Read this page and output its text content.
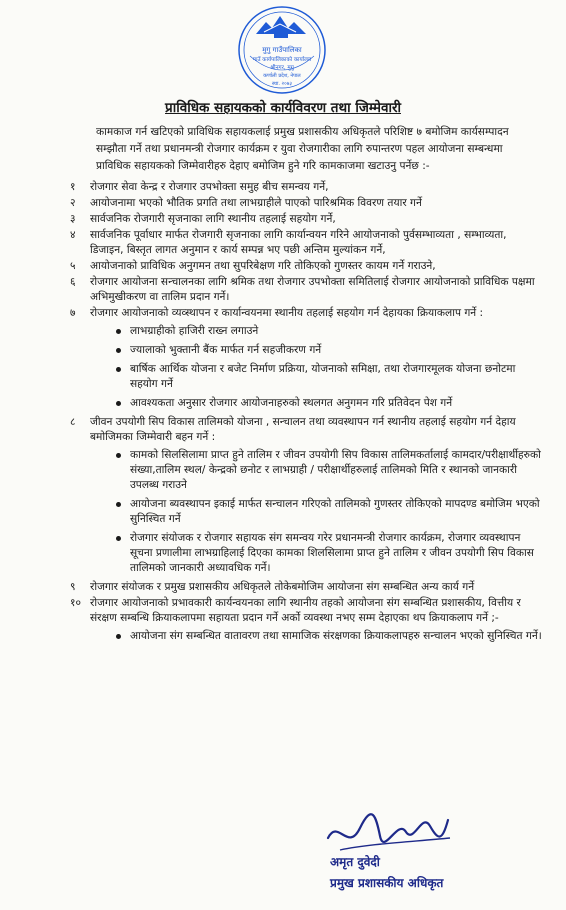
मुगु गाउँपालिका
गाउँ कार्यपालिकाको कार्यालय
श्रीनगर, मुगु
कर्णाली प्रदेश, नेपाल
स्था. २०७३
प्राविधिक सहायकको कार्यविवरण तथा जिम्मेवारी
कामकाज गर्न खटिएको प्राविधिक सहायकलाई प्रमुख प्रशासकीय अधिकृतले परिशिष्ट ७ बमोजिम कार्यसम्पादन सम्झौता गर्ने तथा प्रधानमन्त्री रोजगार कार्यक्रम र युवा रोजगारीका लागि रुपान्तरण पहल आयोजना सम्बन्धमा प्राविधिक सहायकको जिम्मेवारीहरु देहाए बमोजिम हुने गरि कामकाजमा खटाउनु पर्नेछ :-
१	रोजगार सेवा केन्द्र र रोजगार उपभोक्ता समुह बीच समन्वय गर्ने,
२	आयोजनामा भएको भौतिक प्रगति तथा लाभग्राहीले पाएको पारिश्रमिक विवरण तयार गर्ने
३	सार्वजनिक रोजगारी सृजनाका लागि स्थानीय तहलाई सहयोग गर्ने,
४	सार्वजनिक पूर्वाधार मार्फत रोजगारी सृजनाका लागि कार्यान्वयन गरिने आयोजनाको पुर्वसम्भाव्यता , सम्भाव्यता, डिजाइन, बिस्तृत लागत अनुमान र कार्य सम्पन्न भए पछी अन्तिम मुल्यांकन गर्ने,
५	आयोजनाको प्राविधिक अनुगमन तथा सुपरिबेक्षण गरि तोकिएको गुणस्तर कायम गर्ने गराउने,
६	रोजगार आयोजना सन्चालनका लागि श्रमिक तथा रोजगार उपभोक्ता समितिलाई रोजगार आयोजनाको प्राविधिक पक्षमा अभिमुखीकरण वा तालिम प्रदान गर्ने।
७	रोजगार आयोजनाको व्यव्स्थापन र कार्यान्वयनमा स्थानीय तहलाई सहयोग गर्न देहायका क्रियाकलाप गर्ने :
लाभग्राहीको हाजिरी राख्न लगाउने
ज्यालाको भुक्तानी बैंक मार्फत गर्न सहजीकरण गर्ने
बार्षिक आर्थिक योजना र बजेट निर्माण प्रक्रिया, योजनाको समिक्षा, तथा रोजगारमूलक योजना छनोटमा सहयोग गर्ने
आवश्यकता अनुसार रोजगार आयोजनाहरुको स्थलगत अनुगमन गरि प्रतिवेदन पेश गर्ने
८	जीवन उपयोगी सिप विकास तालिमको योजना , सन्चालन तथा व्यवस्थापन गर्न स्थानीय तहलाई सहयोग गर्न देहाय बमोजिमका जिम्मेवारी बहन गर्ने :
कामको सिलसिलामा प्राप्त हुने तालिम र जीवन उपयोगी सिप विकास तालिमकर्तालाई कामदार/परीक्षार्थीहरुको संख्या,तालिम स्थल/ केन्द्रको छनोट र लाभग्राही / परीक्षार्थीहरुलाई तालिमको मिति र स्थानको जानकारी उपलब्ध गराउने
आयोजना ब्यवस्थापन इकाई मार्फत सन्चालन गरिएको तालिमको गुणस्तर तोकिएको मापदण्ड बमोजिम भएको सुनिस्चित गर्ने
रोजगार संयोजक र रोजगार सहायक संग समन्वय गरेर प्रधानमन्त्री रोजगार कार्यक्रम, रोजगार व्यवस्थापन सूचना प्रणालीमा लाभग्राहिलाई दिएका कामका शिलसिलामा प्राप्त हुने तालिम र जीवन उपयोगी सिप विकास तालिमको जानकारी अध्यावधिक गर्ने।
९	रोजगार संयोजक र प्रमुख प्रशासकीय अधिकृतले तोकेबमोजिम आयोजना संग सम्बन्धित अन्य कार्य गर्ने
१० रोजगार आयोजनाको प्रभावकारी कार्यन्वयनका लागि स्थानीय तहको आयोजना संग सम्बन्धित प्रशासकीय, वित्तीय र संरक्षण सम्बन्धि क्रियाकलापमा सहायता प्रदान गर्ने अर्को व्यवस्था नभए सम्म देहाएका थप क्रियाकलाप गर्ने ;-
आयोजना संग सम्बन्धित वातावरण तथा सामाजिक संरक्षणका क्रियाकलापहरु सन्चालन भएको सुनिस्चित गर्ने।
अमृत दुवेदी
प्रमुख प्रशासकीय अधिकृत
